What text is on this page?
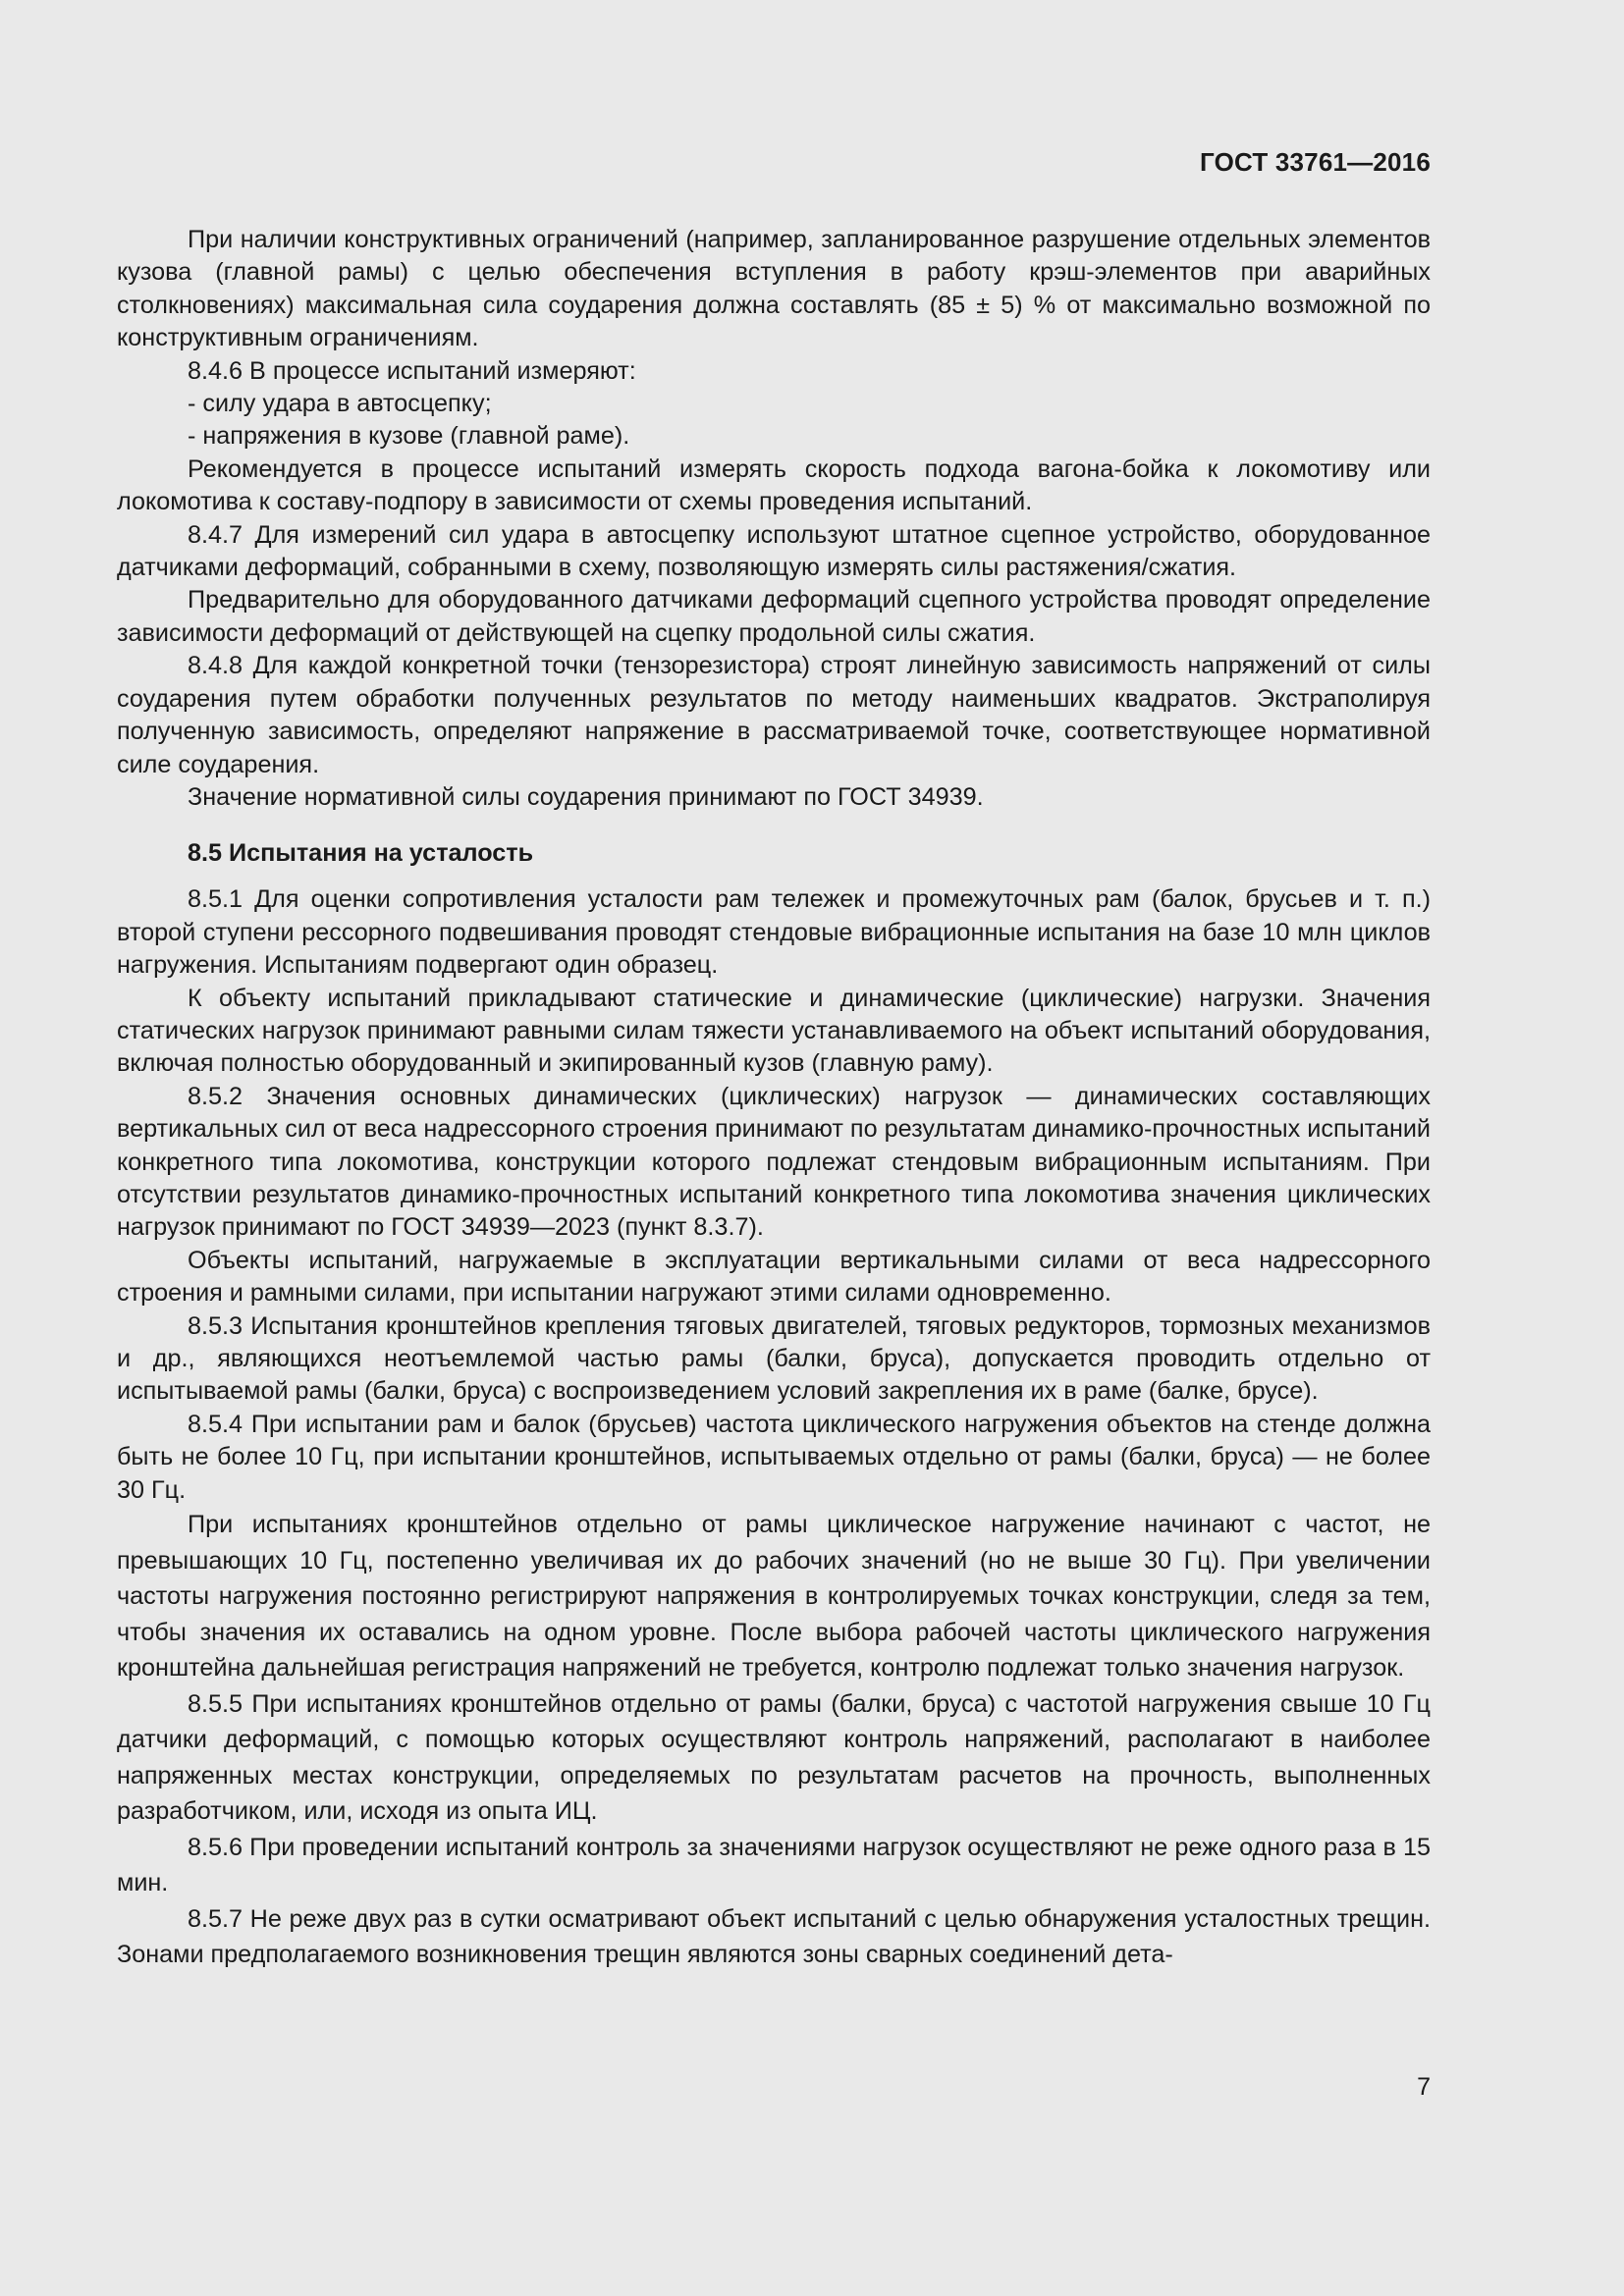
ГОСТ 33761—2016

При наличии конструктивных ограничений (например, запланированное разрушение отдельных элементов кузова (главной рамы) с целью обеспечения вступления в работу крэш-элементов при аварийных столкновениях) максимальная сила соударения должна составлять (85 ± 5) % от максимально возможной по конструктивным ограничениям.

8.4.6 В процессе испытаний измеряют:

- силу удара в автосцепку;

- напряжения в кузове (главной раме).

Рекомендуется в процессе испытаний измерять скорость подхода вагона-бойка к локомотиву или локомотива к составу-подпору в зависимости от схемы проведения испытаний.

8.4.7 Для измерений сил удара в автосцепку используют штатное сцепное устройство, оборудованное датчиками деформаций, собранными в схему, позволяющую измерять силы растяжения/сжатия.

Предварительно для оборудованного датчиками деформаций сцепного устройства проводят определение зависимости деформаций от действующей на сцепку продольной силы сжатия.

8.4.8 Для каждой конкретной точки (тензорезистора) строят линейную зависимость напряжений от силы соударения путем обработки полученных результатов по методу наименьших квадратов. Экстраполируя полученную зависимость, определяют напряжение в рассматриваемой точке, соответствующее нормативной силе соударения.

Значение нормативной силы соударения принимают по ГОСТ 34939.

8.5 Испытания на усталость

8.5.1 Для оценки сопротивления усталости рам тележек и промежуточных рам (балок, брусьев и т. п.) второй ступени рессорного подвешивания проводят стендовые вибрационные испытания на базе 10 млн циклов нагружения. Испытаниям подвергают один образец.

К объекту испытаний прикладывают статические и динамические (циклические) нагрузки. Значения статических нагрузок принимают равными силам тяжести устанавливаемого на объект испытаний оборудования, включая полностью оборудованный и экипированный кузов (главную раму).

8.5.2 Значения основных динамических (циклических) нагрузок — динамических составляющих вертикальных сил от веса надрессорного строения принимают по результатам динамико-прочностных испытаний конкретного типа локомотива, конструкции которого подлежат стендовым вибрационным испытаниям. При отсутствии результатов динамико-прочностных испытаний конкретного типа локомотива значения циклических нагрузок принимают по ГОСТ 34939—2023 (пункт 8.3.7).

Объекты испытаний, нагружаемые в эксплуатации вертикальными силами от веса надрессорного строения и рамными силами, при испытании нагружают этими силами одновременно.

8.5.3 Испытания кронштейнов крепления тяговых двигателей, тяговых редукторов, тормозных механизмов и др., являющихся неотъемлемой частью рамы (балки, бруса), допускается проводить отдельно от испытываемой рамы (балки, бруса) с воспроизведением условий закрепления их в раме (балке, брусе).

8.5.4 При испытании рам и балок (брусьев) частота циклического нагружения объектов на стенде должна быть не более 10 Гц, при испытании кронштейнов, испытываемых отдельно от рамы (балки, бруса) — не более 30 Гц.

При испытаниях кронштейнов отдельно от рамы циклическое нагружение начинают с частот, не превышающих 10 Гц, постепенно увеличивая их до рабочих значений (но не выше 30 Гц). При увеличении частоты нагружения постоянно регистрируют напряжения в контролируемых точках конструкции, следя за тем, чтобы значения их оставались на одном уровне. После выбора рабочей частоты циклического нагружения кронштейна дальнейшая регистрация напряжений не требуется, контролю подлежат только значения нагрузок.

8.5.5 При испытаниях кронштейнов отдельно от рамы (балки, бруса) с частотой нагружения свыше 10 Гц датчики деформаций, с помощью которых осуществляют контроль напряжений, располагают в наиболее напряженных местах конструкции, определяемых по результатам расчетов на прочность, выполненных разработчиком, или, исходя из опыта ИЦ.

8.5.6 При проведении испытаний контроль за значениями нагрузок осуществляют не реже одного раза в 15 мин.

8.5.7 Не реже двух раз в сутки осматривают объект испытаний с целью обнаружения усталостных трещин. Зонами предполагаемого возникновения трещин являются зоны сварных соединений дета-

7
